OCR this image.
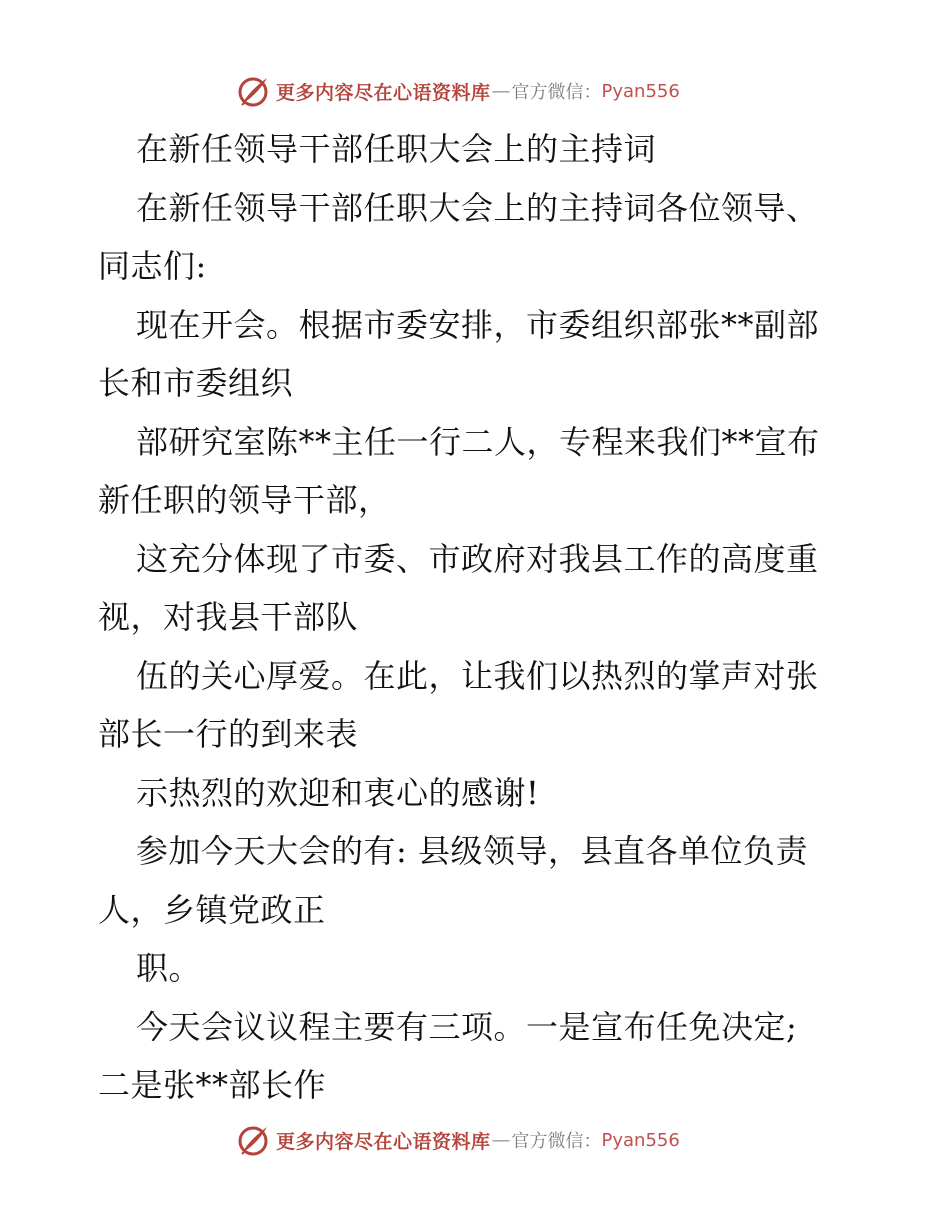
更多内容尽在心语资料库 — 官方微信： Pyan556
在新任领导干部任职大会上的主持词
在新任领导干部任职大会上的主持词各位领导、
同志们:
现在开会。根据市委安排，市委组织部张**副部
长和市委组织
部研究室陈**主任一行二人，专程来我们**宣布
新任职的领导干部，
这充分体现了市委、市政府对我县工作的高度重
视，对我县干部队
伍的关心厚爱。在此，让我们以热烈的掌声对张
部长一行的到来表
示热烈的欢迎和衷心的感谢!
参加今天大会的有: 县级领导，县直各单位负责
人，乡镇党政正
职。
今天会议议程主要有三项。一是宣布任免决定;
二是张**部长作
更多内容尽在心语资料库 — 官方微信： Pyan556
